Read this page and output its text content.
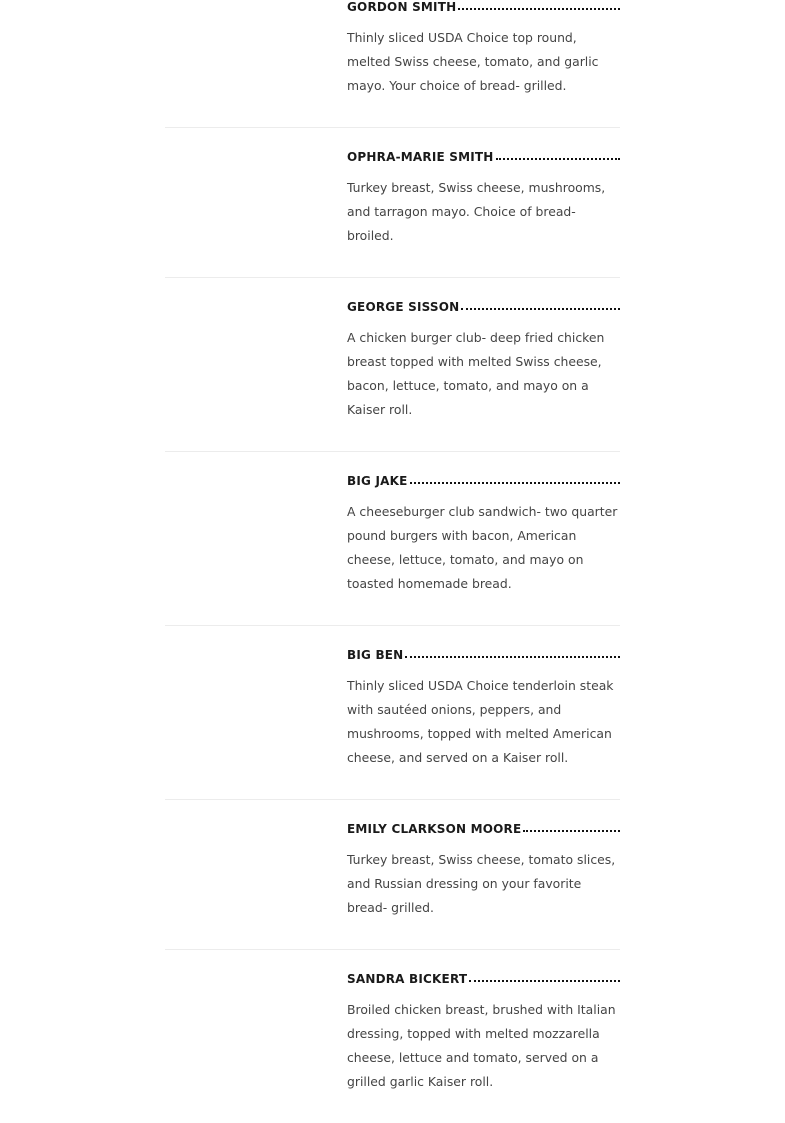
GORDON SMITH

Thinly sliced USDA Choice top round, melted Swiss cheese, tomato, and garlic mayo. Your choice of bread- grilled.

OPHRA-MARIE SMITH

Turkey breast, Swiss cheese, mushrooms, and tarragon mayo. Choice of bread- broiled.

GEORGE SISSON

A chicken burger club- deep fried chicken breast topped with melted Swiss cheese, bacon, lettuce, tomato, and mayo on a Kaiser roll.

BIG JAKE

A cheeseburger club sandwich- two quarter pound burgers with bacon, American cheese, lettuce, tomato, and mayo on toasted homemade bread.

BIG BEN

Thinly sliced USDA Choice tenderloin steak with sautéed onions, peppers, and mushrooms, topped with melted American cheese, and served on a Kaiser roll.

EMILY CLARKSON MOORE

Turkey breast, Swiss cheese, tomato slices, and Russian dressing on your favorite bread- grilled.

SANDRA BICKERT

Broiled chicken breast, brushed with Italian dressing, topped with melted mozzarella cheese, lettuce and tomato, served on a grilled garlic Kaiser roll.
